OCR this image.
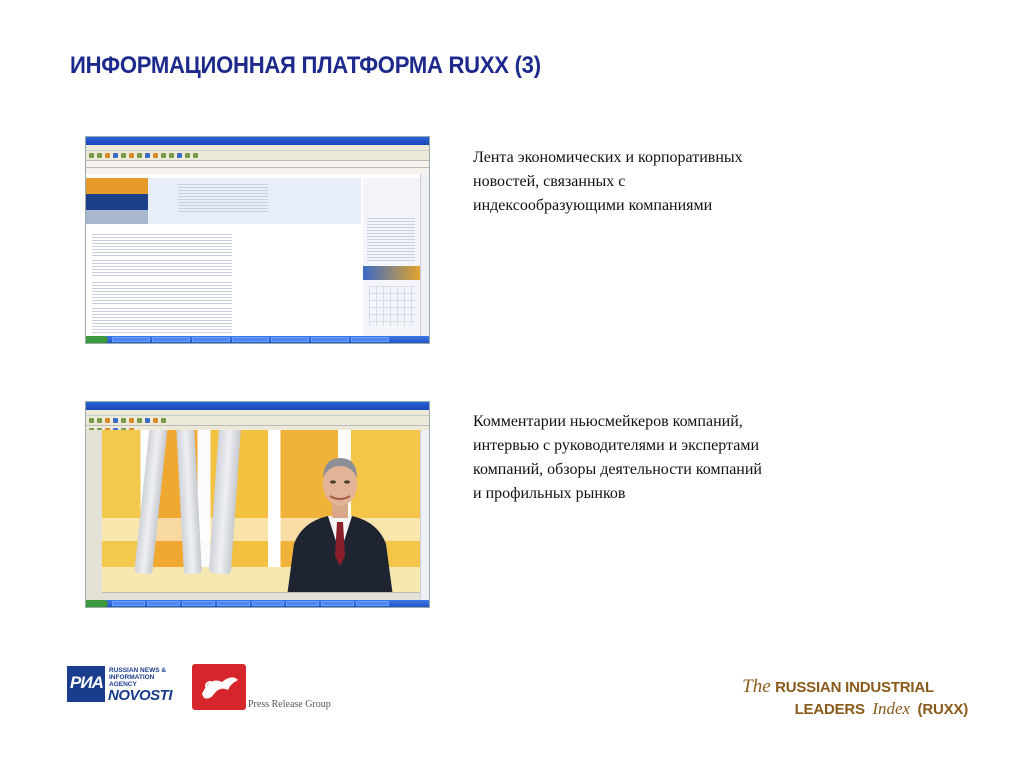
ИНФОРМАЦИОННАЯ ПЛАТФОРМА RUXX (3)
Лента экономических и корпоративных новостей, связанных с индексообразующими компаниями
Комментарии ньюсмейкеров компаний, интервью с руководителями и экспертами компаний, обзоры деятельности компаний и профильных рынков
РИА
RUSSIAN NEWS & INFORMATION AGENCY
NOVOSTI
Press Release Group
The RUSSIAN INDUSTRIAL
LEADERS Index (RUXX)
